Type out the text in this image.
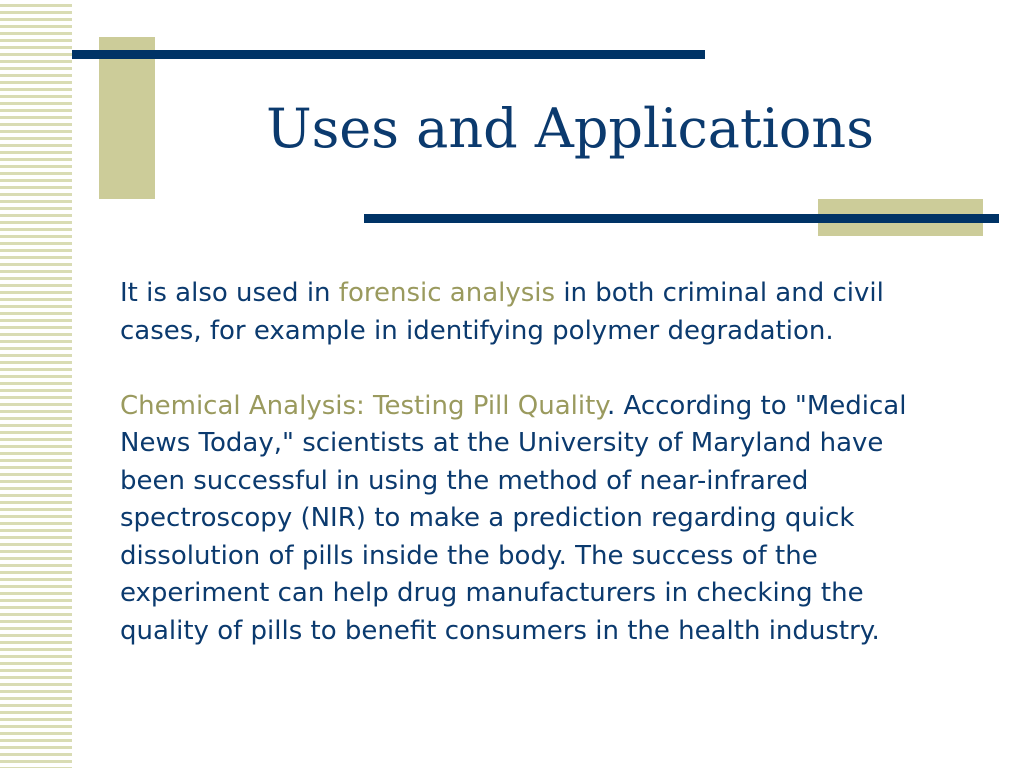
Uses and Applications

It is also used in forensic analysis in both criminal and civil cases, for example in identifying polymer degradation.

Chemical Analysis: Testing Pill Quality. According to "Medical News Today," scientists at the University of Maryland have been successful in using the method of near-infrared spectroscopy (NIR) to make a prediction regarding quick dissolution of pills inside the body. The success of the experiment can help drug manufacturers in checking the quality of pills to benefit consumers in the health industry.
